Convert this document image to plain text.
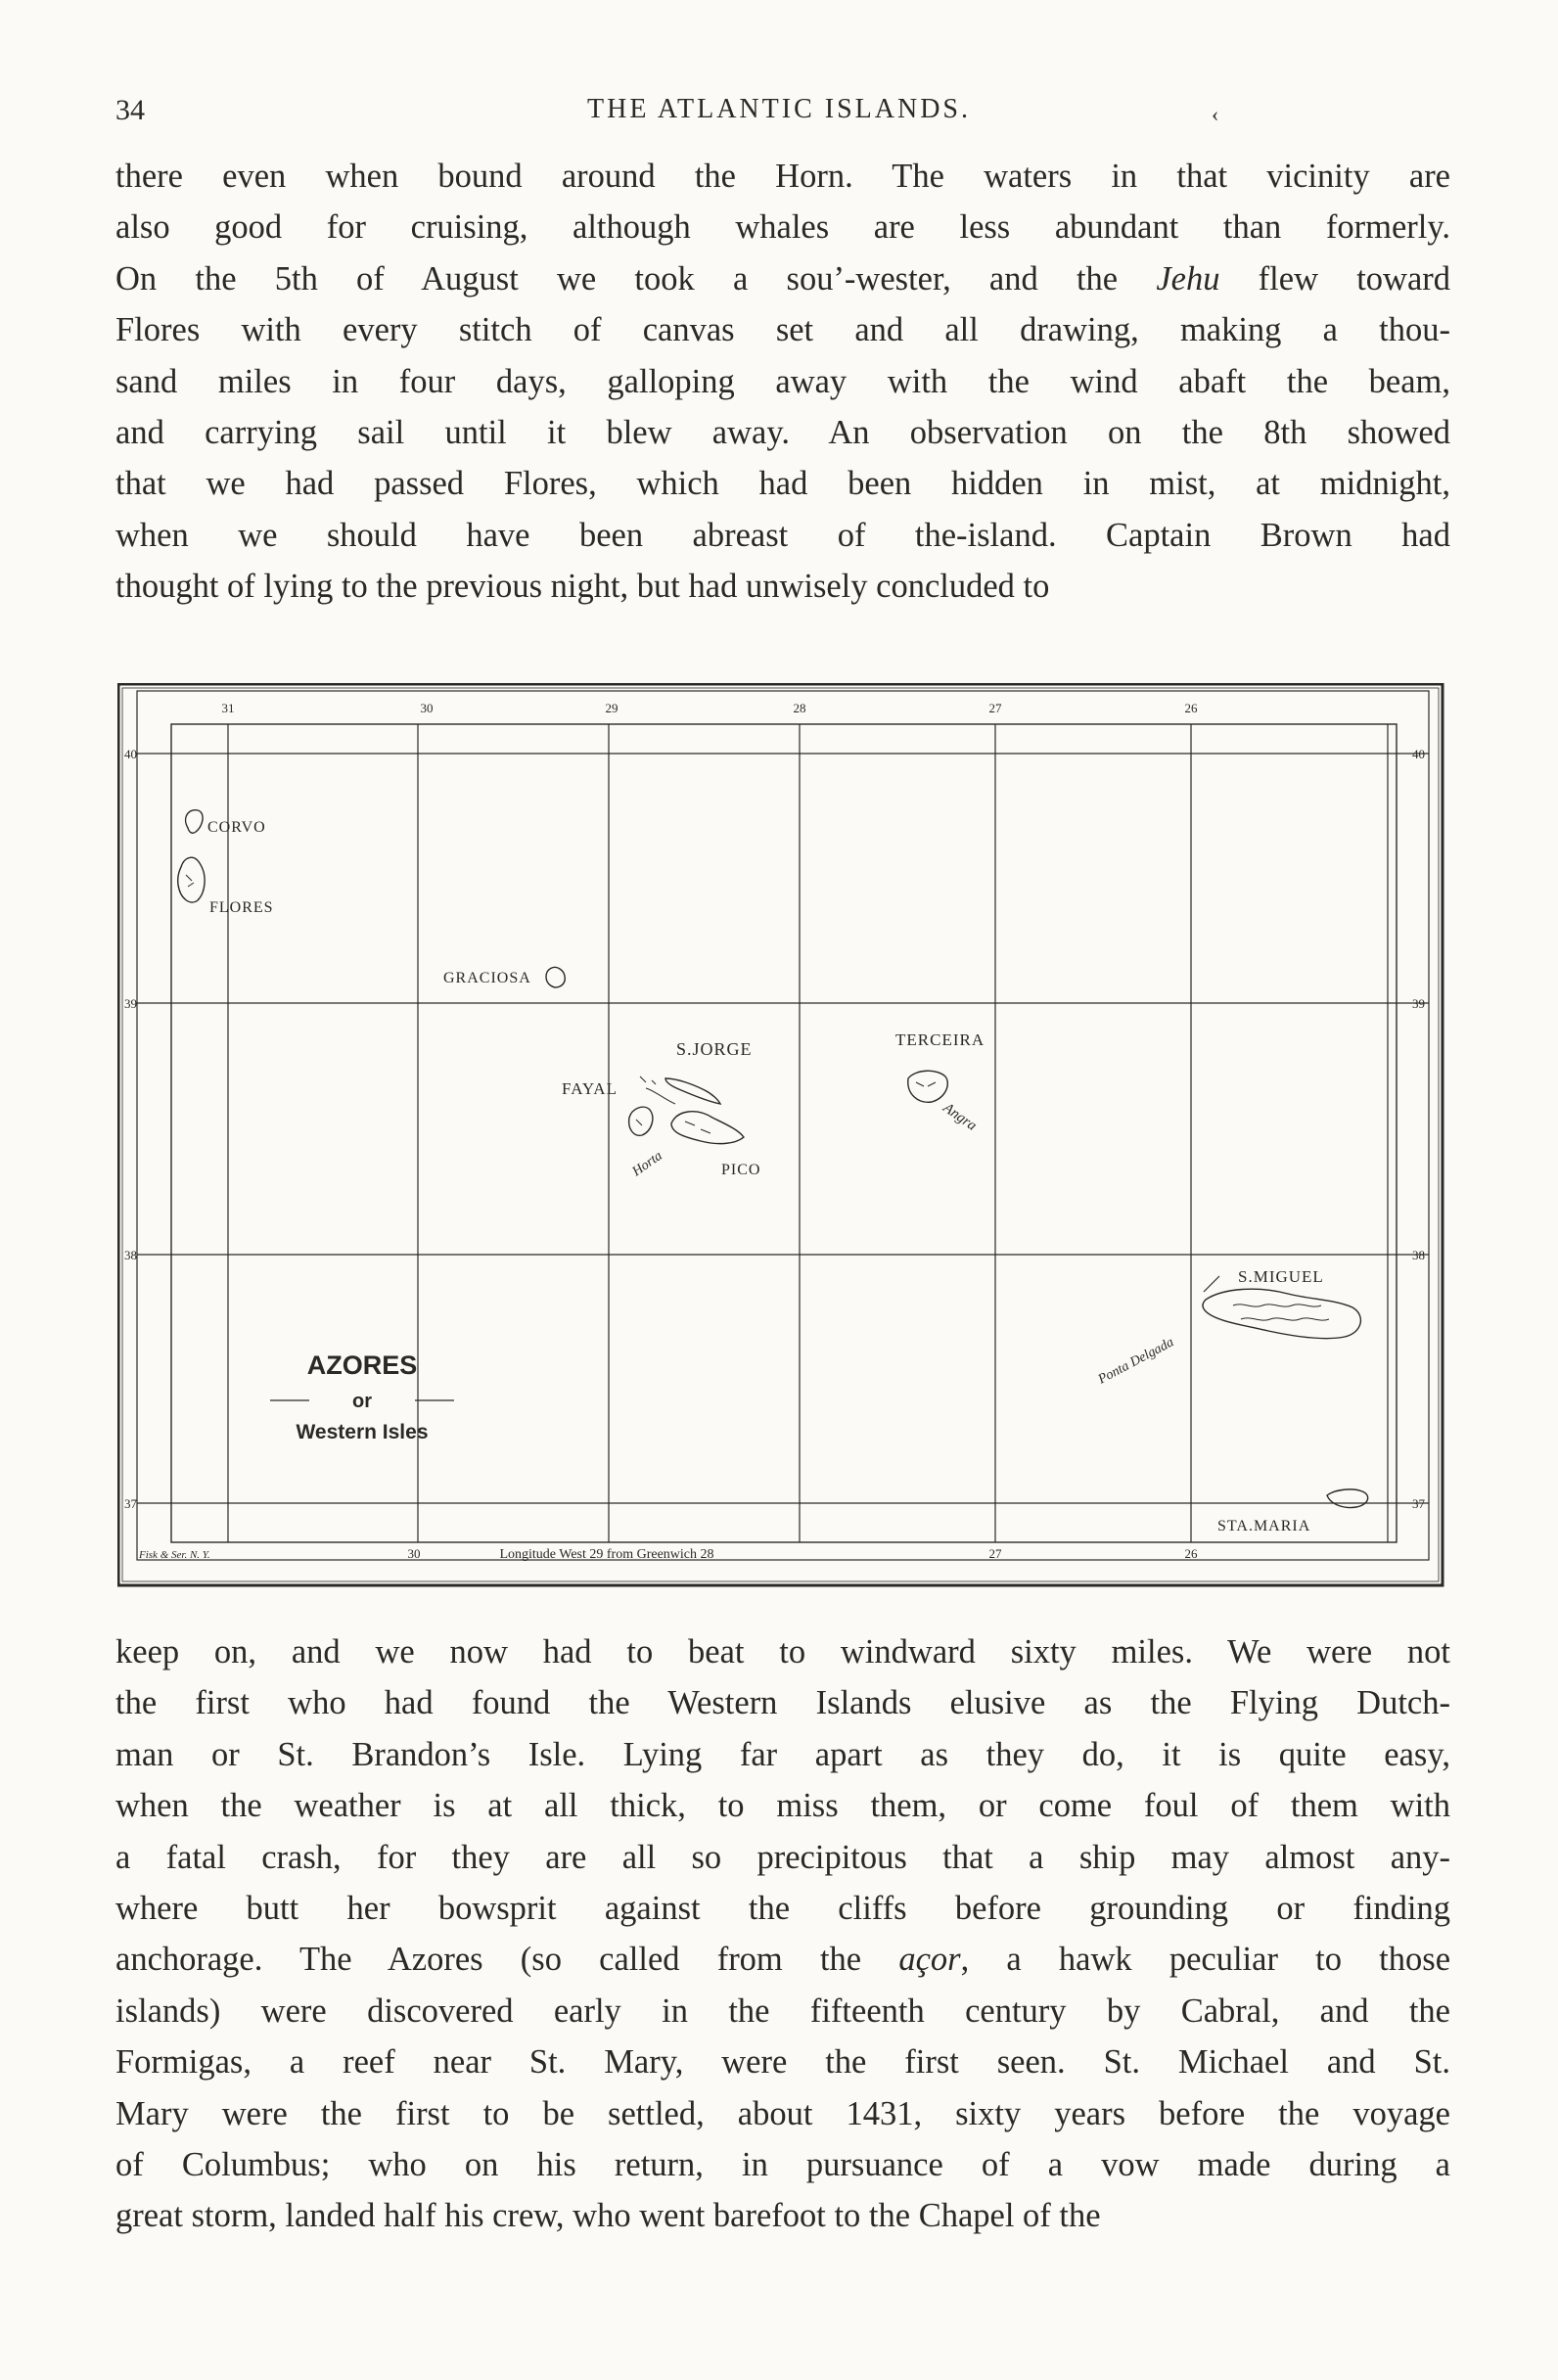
34	THE ATLANTIC ISLANDS.	‹
there even when bound around the Horn. The waters in that vicinity are
also good for cruising, although whales are less abundant than formerly.
On the 5th of August we took a sou’-wester, and the Jehu flew toward
Flores with every stitch of canvas set and all drawing, making a thou-
sand miles in four days, galloping away with the wind abaft the beam,
and carrying sail until it blew away. An observation on the 8th showed
that we had passed Flores, which had been hidden in mist, at midnight,
when we should have been abreast of the‑island. Captain Brown had
thought of lying to the previous night, but had unwisely concluded to
31	30	29	28	27	26
40
39
38
37
40
39
38
37
CORVO
FLORES
GRACIOSA
S.JORGE	TERCEIRA
FAYAL
PICO
Angra
Horta
S.MIGUEL
Ponta Delgada
STA.MARIA
AZORES
or
Western Isles
Fisk & Ser. N. Y.	30	Longitude West 29 from Greenwich 28	27	26
keep on, and we now had to beat to windward sixty miles. We were not
the first who had found the Western Islands elusive as the Flying Dutch-
man or St. Brandon’s Isle. Lying far apart as they do, it is quite easy,
when the weather is at all thick, to miss them, or come foul of them with
a fatal crash, for they are all so precipitous that a ship may almost any-
where butt her bowsprit against the cliffs before grounding or finding
anchorage. The Azores (so called from the açor, a hawk peculiar to those
islands) were discovered early in the fifteenth century by Cabral, and the
Formigas, a reef near St. Mary, were the first seen. St. Michael and St.
Mary were the first to be settled, about 1431, sixty years before the voyage
of Columbus; who on his return, in pursuance of a vow made during a
great storm, landed half his crew, who went barefoot to the Chapel of the
